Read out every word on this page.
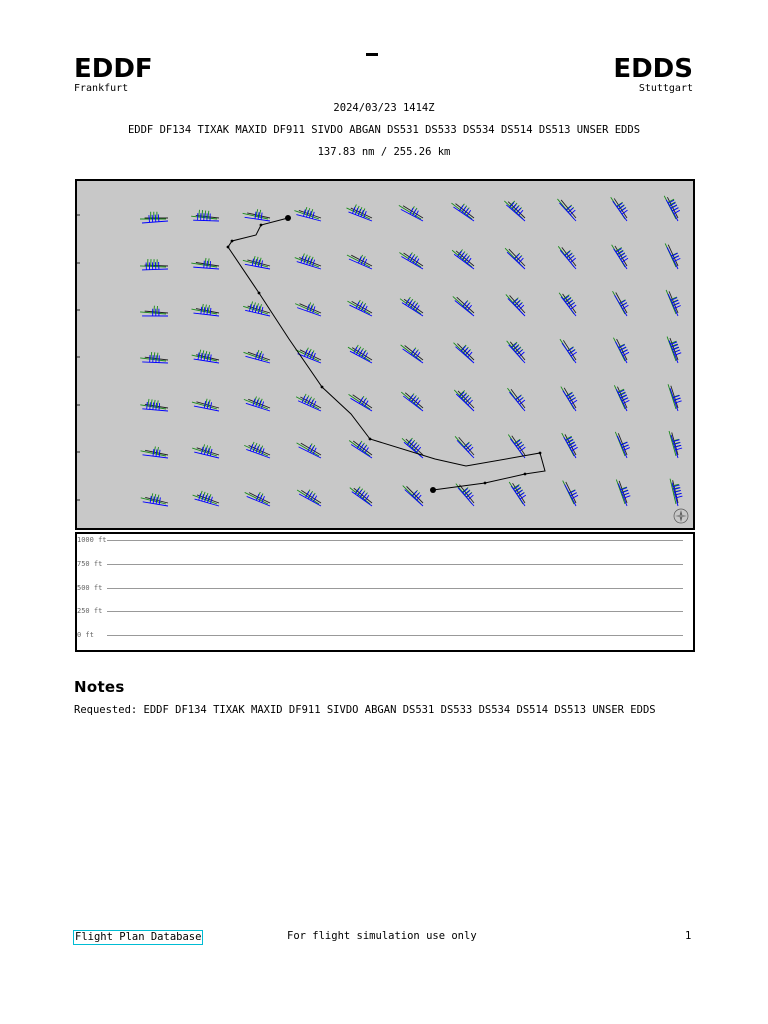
EDDF
Frankfurt
EDDS
Stuttgart
2024/03/23 1414Z
EDDF DF134 TIXAK MAXID DF911 SIVDO ABGAN DS531 DS533 DS534 DS514 DS513 UNSER EDDS
137.83 nm / 255.26 km
1000 ft
750 ft
500 ft
250 ft
0 ft
Notes
Requested: EDDF DF134 TIXAK MAXID DF911 SIVDO ABGAN DS531 DS533 DS534 DS514 DS513 UNSER EDDS
Flight Plan Database	For flight simulation use only	1
